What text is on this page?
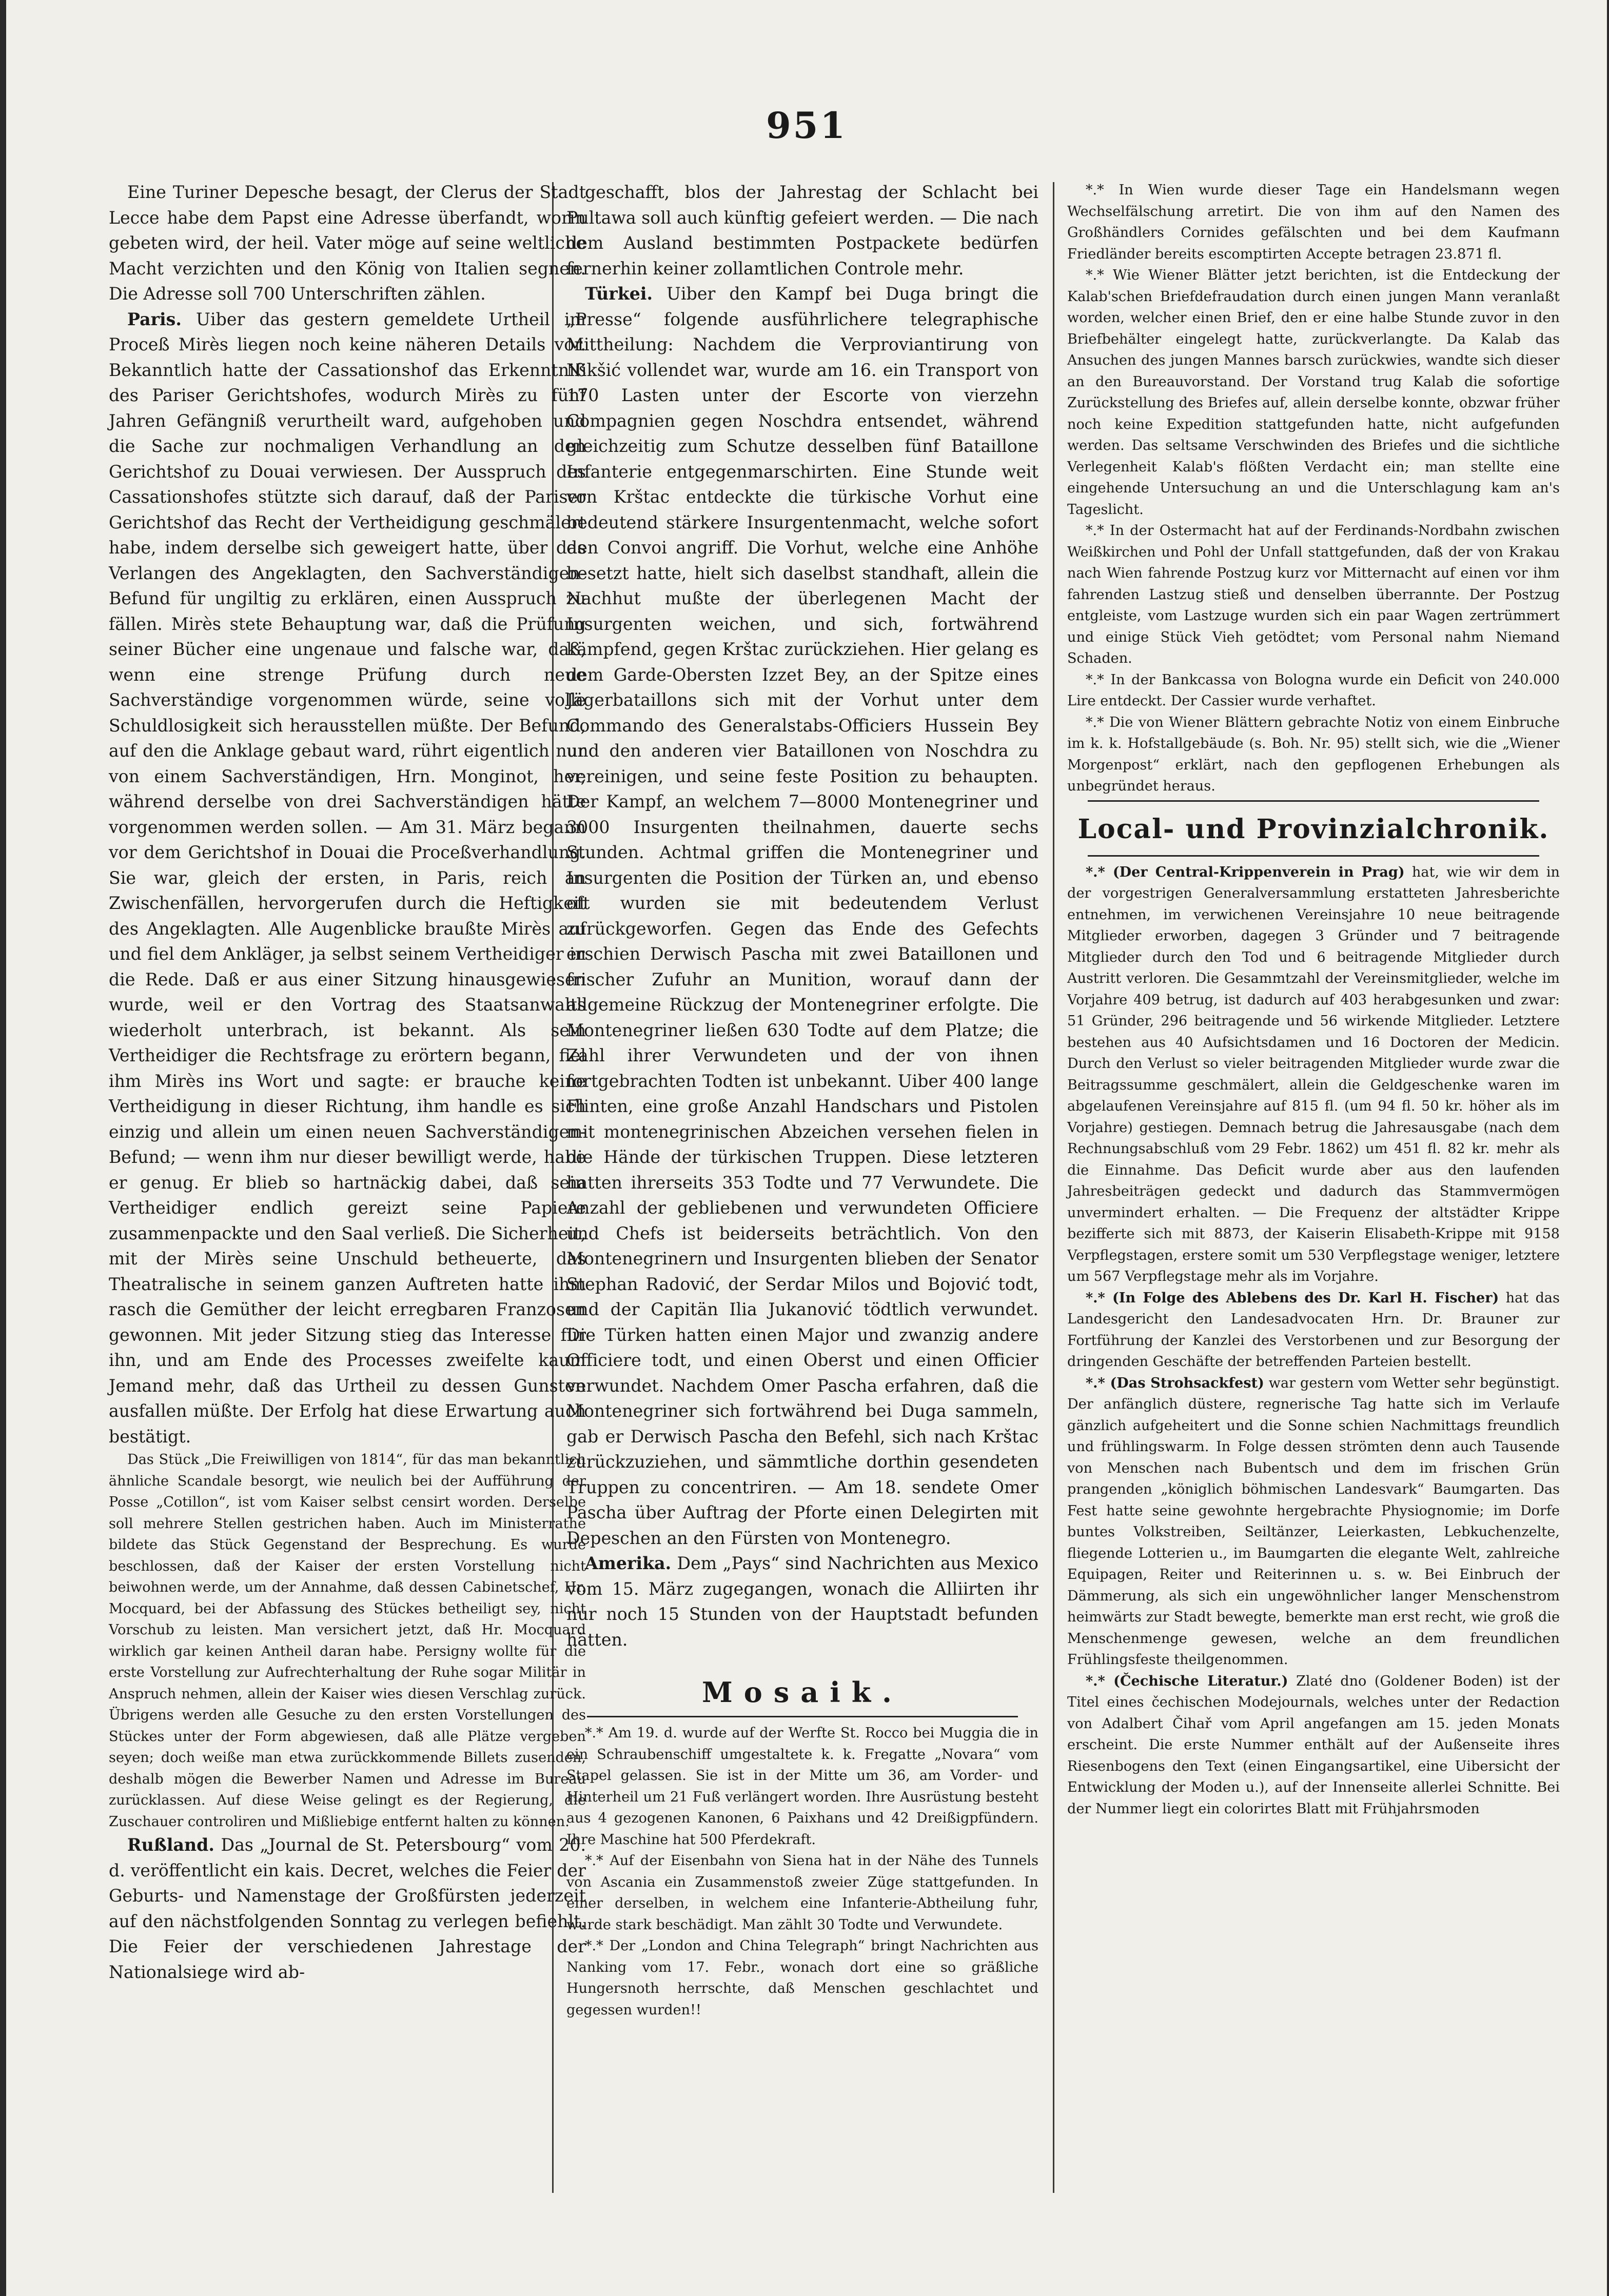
951

Eine Turiner Depesche besagt, der Clerus der Stadt Lecce habe dem Papst eine Adresse überfandt, worin gebeten wird, der heil. Vater möge auf seine weltliche Macht verzichten und den König von Italien segnen. Die Adresse soll 700 Unterschriften zählen.

Paris. Uiber das gestern gemeldete Urtheil im Proceß Mirès liegen noch keine näheren Details vor. Bekanntlich hatte der Cassationshof das Erkenntniß des Pariser Gerichtshofes, wodurch Mirès zu fünf Jahren Gefängniß verurtheilt ward, aufgehoben und die Sache zur nochmaligen Verhandlung an den Gerichtshof zu Douai verwiesen. Der Ausspruch des Cassationshofes stützte sich darauf, daß der Pariser Gerichtshof das Recht der Vertheidigung geschmälert habe, indem derselbe sich geweigert hatte, über das Verlangen des Angeklagten, den Sachverständigen-Befund für ungiltig zu erklären, einen Ausspruch zu fällen. Mirès stete Behauptung war, daß die Prüfung seiner Bücher eine ungenaue und falsche war, daß, wenn eine strenge Prüfung durch neue Sachverständige vorgenommen würde, seine volle Schuldlosigkeit sich herausstellen müßte. Der Befund, auf den die Anklage gebaut ward, rührt eigentlich nur von einem Sachverständigen, Hrn. Monginot, her, während derselbe von drei Sachverständigen hätte vorgenommen werden sollen. — Am 31. März begann vor dem Gerichtshof in Douai die Proceßverhandlung. Sie war, gleich der ersten, in Paris, reich an Zwischenfällen, hervorgerufen durch die Heftigkeit des Angeklagten. Alle Augenblicke braußte Mirès auf und fiel dem Ankläger, ja selbst seinem Vertheidiger in die Rede. Daß er aus einer Sitzung hinausgewiesen wurde, weil er den Vortrag des Staatsanwalts wiederholt unterbrach, ist bekannt. Als sein Vertheidiger die Rechtsfrage zu erörtern begann, fiel ihm Mirès ins Wort und sagte: er brauche keine Vertheidigung in dieser Richtung, ihm handle es sich einzig und allein um einen neuen Sachverständigen-Befund; — wenn ihm nur dieser bewilligt werde, habe er genug. Er blieb so hartnäckig dabei, daß sein Vertheidiger endlich gereizt seine Papiere zusammenpackte und den Saal verließ. Die Sicherheit, mit der Mirès seine Unschuld betheuerte, das Theatralische in seinem ganzen Auftreten hatte ihm rasch die Gemüther der leicht erregbaren Franzosen gewonnen. Mit jeder Sitzung stieg das Interesse für ihn, und am Ende des Processes zweifelte kaum Jemand mehr, daß das Urtheil zu dessen Gunsten ausfallen müßte. Der Erfolg hat diese Erwartung auch bestätigt.

Das Stück „Die Freiwilligen von 1814“, für das man bekanntlich ähnliche Scandale besorgt, wie neulich bei der Aufführung der Posse „Cotillon“, ist vom Kaiser selbst censirt worden. Derselbe soll mehrere Stellen gestrichen haben. Auch im Ministerrathe bildete das Stück Gegenstand der Besprechung. Es wurde beschlossen, daß der Kaiser der ersten Vorstellung nicht beiwohnen werde, um der Annahme, daß dessen Cabinetschef, Hr. Mocquard, bei der Abfassung des Stückes betheiligt sey, nicht Vorschub zu leisten. Man versichert jetzt, daß Hr. Mocquard wirklich gar keinen Antheil daran habe. Persigny wollte für die erste Vorstellung zur Aufrechterhaltung der Ruhe sogar Militär in Anspruch nehmen, allein der Kaiser wies diesen Verschlag zurück. Übrigens werden alle Gesuche zu den ersten Vorstellungen des Stückes unter der Form abgewiesen, daß alle Plätze vergeben seyen; doch weiße man etwa zurückkommende Billets zusenden, deshalb mögen die Bewerber Namen und Adresse im Bureau zurücklassen. Auf diese Weise gelingt es der Regierung, die Zuschauer controliren und Mißliebige entfernt halten zu können.

Rußland. Das „Journal de St. Petersbourg“ vom 20. d. veröffentlicht ein kais. Decret, welches die Feier der Geburts- und Namenstage der Großfürsten jederzeit auf den nächstfolgenden Sonntag zu verlegen befiehlt. Die Feier der verschiedenen Jahrestage der Nationalsiege wird ab-

geschafft, blos der Jahrestag der Schlacht bei Pultawa soll auch künftig gefeiert werden. — Die nach dem Ausland bestimmten Postpackete bedürfen fernerhin keiner zollamtlichen Controle mehr.

Türkei. Uiber den Kampf bei Duga bringt die „Presse“ folgende ausführlichere telegraphische Mittheilung: Nachdem die Verproviantirung von Nikšić vollendet war, wurde am 16. ein Transport von 170 Lasten unter der Escorte von vierzehn Compagnien gegen Noschdra entsendet, während gleichzeitig zum Schutze desselben fünf Bataillone Infanterie entgegenmarschirten. Eine Stunde weit von Krštac entdeckte die türkische Vorhut eine bedeutend stärkere Insurgentenmacht, welche sofort den Convoi angriff. Die Vorhut, welche eine Anhöhe besetzt hatte, hielt sich daselbst standhaft, allein die Nachhut mußte der überlegenen Macht der Insurgenten weichen, und sich, fortwährend kämpfend, gegen Krštac zurückziehen. Hier gelang es dem Garde-Obersten Izzet Bey, an der Spitze eines Jägerbataillons sich mit der Vorhut unter dem Commando des Generalstabs-Officiers Hussein Bey und den anderen vier Bataillonen von Noschdra zu vereinigen, und seine feste Position zu behaupten. Der Kampf, an welchem 7—8000 Montenegriner und 3000 Insurgenten theilnahmen, dauerte sechs Stunden. Achtmal griffen die Montenegriner und Insurgenten die Position der Türken an, und ebenso oft wurden sie mit bedeutendem Verlust zurückgeworfen. Gegen das Ende des Gefechts erschien Derwisch Pascha mit zwei Bataillonen und frischer Zufuhr an Munition, worauf dann der allgemeine Rückzug der Montenegriner erfolgte. Die Montenegriner ließen 630 Todte auf dem Platze; die Zahl ihrer Verwundeten und der von ihnen fortgebrachten Todten ist unbekannt. Uiber 400 lange Flinten, eine große Anzahl Handschars und Pistolen mit montenegrinischen Abzeichen versehen fielen in die Hände der türkischen Truppen. Diese letzteren hatten ihrerseits 353 Todte und 77 Verwundete. Die Anzahl der gebliebenen und verwundeten Officiere und Chefs ist beiderseits beträchtlich. Von den Montenegrinern und Insurgenten blieben der Senator Stephan Radović, der Serdar Milos und Bojović todt, und der Capitän Ilia Jukanović tödtlich verwundet. Die Türken hatten einen Major und zwanzig andere Officiere todt, und einen Oberst und einen Officier verwundet. Nachdem Omer Pascha erfahren, daß die Montenegriner sich fortwährend bei Duga sammeln, gab er Derwisch Pascha den Befehl, sich nach Krštac zurückzuziehen, und sämmtliche dorthin gesendeten Truppen zu concentriren. — Am 18. sendete Omer Pascha über Auftrag der Pforte einen Delegirten mit Depeschen an den Fürsten von Montenegro.

Amerika. Dem „Pays“ sind Nachrichten aus Mexico vom 15. März zugegangen, wonach die Alliirten ihr nur noch 15 Stunden von der Hauptstadt befunden hätten.

Mosaik.

*.* Am 19. d. wurde auf der Werfte St. Rocco bei Muggia die in ein Schraubenschiff umgestaltete k. k. Fregatte „Novara“ vom Stapel gelassen. Sie ist in der Mitte um 36, am Vorder- und Hinterheil um 21 Fuß verlängert worden. Ihre Ausrüstung besteht aus 4 gezogenen Kanonen, 6 Paixhans und 42 Dreißigpfündern. Ihre Maschine hat 500 Pferdekraft.

*.* Auf der Eisenbahn von Siena hat in der Nähe des Tunnels von Ascania ein Zusammenstoß zweier Züge stattgefunden. In einer derselben, in welchem eine Infanterie-Abtheilung fuhr, wurde stark beschädigt. Man zählt 30 Todte und Verwundete.

*.* Der „London and China Telegraph“ bringt Nachrichten aus Nanking vom 17. Febr., wonach dort eine so gräßliche Hungersnoth herrschte, daß Menschen geschlachtet und gegessen wurden!!

*.* In Wien wurde dieser Tage ein Handelsmann wegen Wechselfälschung arretirt. Die von ihm auf den Namen des Großhändlers Cornides gefälschten und bei dem Kaufmann Friedländer bereits escomptirten Accepte betragen 23.871 fl.

*.* Wie Wiener Blätter jetzt berichten, ist die Entdeckung der Kalab'schen Briefdefraudation durch einen jungen Mann veranlaßt worden, welcher einen Brief, den er eine halbe Stunde zuvor in den Briefbehälter eingelegt hatte, zurückverlangte. Da Kalab das Ansuchen des jungen Mannes barsch zurückwies, wandte sich dieser an den Bureauvorstand. Der Vorstand trug Kalab die sofortige Zurückstellung des Briefes auf, allein derselbe konnte, obzwar früher noch keine Expedition stattgefunden hatte, nicht aufgefunden werden. Das seltsame Verschwinden des Briefes und die sichtliche Verlegenheit Kalab's flößten Verdacht ein; man stellte eine eingehende Untersuchung an und die Unterschlagung kam an's Tageslicht.

*.* In der Ostermacht hat auf der Ferdinands-Nordbahn zwischen Weißkirchen und Pohl der Unfall stattgefunden, daß der von Krakau nach Wien fahrende Postzug kurz vor Mitternacht auf einen vor ihm fahrenden Lastzug stieß und denselben überrannte. Der Postzug entgleiste, vom Lastzuge wurden sich ein paar Wagen zertrümmert und einige Stück Vieh getödtet; vom Personal nahm Niemand Schaden.

*.* In der Bankcassa von Bologna wurde ein Deficit von 240.000 Lire entdeckt. Der Cassier wurde verhaftet.

*.* Die von Wiener Blättern gebrachte Notiz von einem Einbruche im k. k. Hofstallgebäude (s. Boh. Nr. 95) stellt sich, wie die „Wiener Morgenpost“ erklärt, nach den gepflogenen Erhebungen als unbegründet heraus.

Local- und Provinzialchronik.

*.* (Der Central-Krippenverein in Prag) hat, wie wir dem in der vorgestrigen Generalversammlung erstatteten Jahresberichte entnehmen, im verwichenen Vereinsjahre 10 neue beitragende Mitglieder erworben, dagegen 3 Gründer und 7 beitragende Mitglieder durch den Tod und 6 beitragende Mitglieder durch Austritt verloren. Die Gesammtzahl der Vereinsmitglieder, welche im Vorjahre 409 betrug, ist dadurch auf 403 herabgesunken und zwar: 51 Gründer, 296 beitragende und 56 wirkende Mitglieder. Letztere bestehen aus 40 Aufsichtsdamen und 16 Doctoren der Medicin. Durch den Verlust so vieler beitragenden Mitglieder wurde zwar die Beitragssumme geschmälert, allein die Geldgeschenke waren im abgelaufenen Vereinsjahre auf 815 fl. (um 94 fl. 50 kr. höher als im Vorjahre) gestiegen. Demnach betrug die Jahresausgabe (nach dem Rechnungsabschluß vom 29 Febr. 1862) um 451 fl. 82 kr. mehr als die Einnahme. Das Deficit wurde aber aus den laufenden Jahresbeiträgen gedeckt und dadurch das Stammvermögen unvermindert erhalten. — Die Frequenz der altstädter Krippe bezifferte sich mit 8873, der Kaiserin Elisabeth-Krippe mit 9158 Verpflegstagen, erstere somit um 530 Verpflegstage weniger, letztere um 567 Verpflegstage mehr als im Vorjahre.

*.* (In Folge des Ablebens des Dr. Karl H. Fischer) hat das Landesgericht den Landesadvocaten Hrn. Dr. Brauner zur Fortführung der Kanzlei des Verstorbenen und zur Besorgung der dringenden Geschäfte der betreffenden Parteien bestellt.

*.* (Das Strohsackfest) war gestern vom Wetter sehr begünstigt. Der anfänglich düstere, regnerische Tag hatte sich im Verlaufe gänzlich aufgeheitert und die Sonne schien Nachmittags freundlich und frühlingswarm. In Folge dessen strömten denn auch Tausende von Menschen nach Bubentsch und dem im frischen Grün prangenden „königlich böhmischen Landesvark“ Baumgarten. Das Fest hatte seine gewohnte hergebrachte Physiognomie; im Dorfe buntes Volkstreiben, Seiltänzer, Leierkasten, Lebkuchenzelte, fliegende Lotterien u., im Baumgarten die elegante Welt, zahlreiche Equipagen, Reiter und Reiterinnen u. s. w. Bei Einbruch der Dämmerung, als sich ein ungewöhnlicher langer Menschenstrom heimwärts zur Stadt bewegte, bemerkte man erst recht, wie groß die Menschenmenge gewesen, welche an dem freundlichen Frühlingsfeste theilgenommen.

*.* (Čechische Literatur.) Zlaté dno (Goldener Boden) ist der Titel eines čechischen Modejournals, welches unter der Redaction von Adalbert Čihař vom April angefangen am 15. jeden Monats erscheint. Die erste Nummer enthält auf der Außenseite ihres Riesenbogens den Text (einen Eingangsartikel, eine Uibersicht der Entwicklung der Moden u.), auf der Innenseite allerlei Schnitte. Bei der Nummer liegt ein colorirtes Blatt mit Frühjahrsmoden
